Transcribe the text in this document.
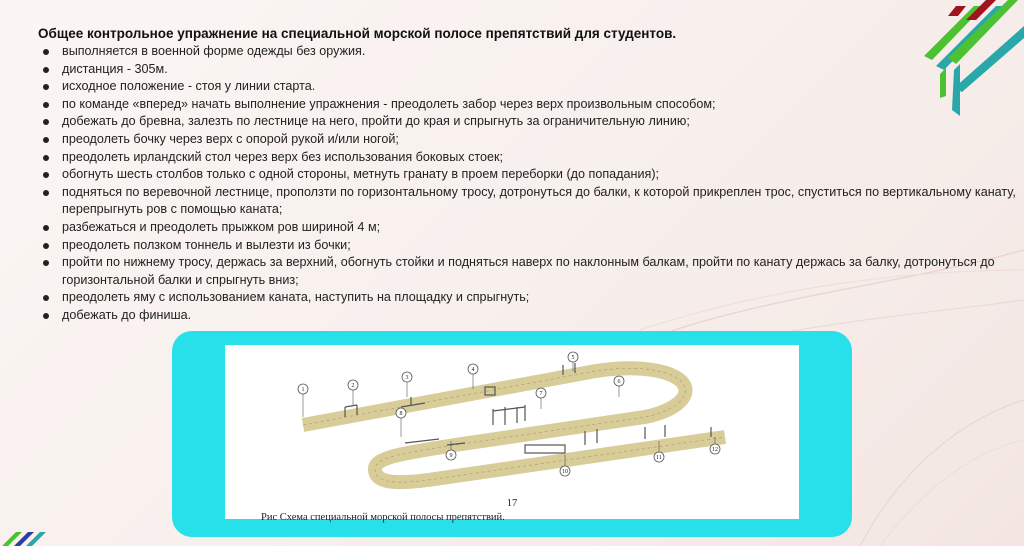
Общее контрольное упражнение на специальной морской полосе препятствий для студентов.
выполняется в военной форме одежды без оружия.
дистанция - 305м.
исходное положение - стоя у линии старта.
по команде «вперед» начать выполнение упражнения - преодолеть забор через верх произвольным способом;
добежать до бревна, залезть по лестнице на него, пройти до края и спрыгнуть за ограничительную линию;
преодолеть бочку через верх с опорой рукой и/или ногой;
преодолеть ирландский стол через верх без использования боковых стоек;
обогнуть шесть столбов только с одной стороны, метнуть гранату в проем переборки (до попадания);
подняться по веревочной лестнице, проползти по горизонтальному тросу, дотронуться до балки, к которой прикреплен трос, спуститься по вертикальному канату, перепрыгнуть ров с помощью каната;
разбежаться и преодолеть прыжком ров шириной 4 м;
преодолеть ползком тоннель и вылезти из бочки;
пройти по нижнему тросу, держась за верхний, обогнуть стойки и подняться наверх по наклонным балкам, пройти по канату держась за балку, дотронуться до горизонтальной балки и спрыгнуть вниз;
преодолеть яму с использованием каната, наступить на площадку и спрыгнуть;
добежать до финиша.
1
2
3
4
5
6
7
8
9
10
11
12
17
Рис Схема специальной морской полосы препятствий.
